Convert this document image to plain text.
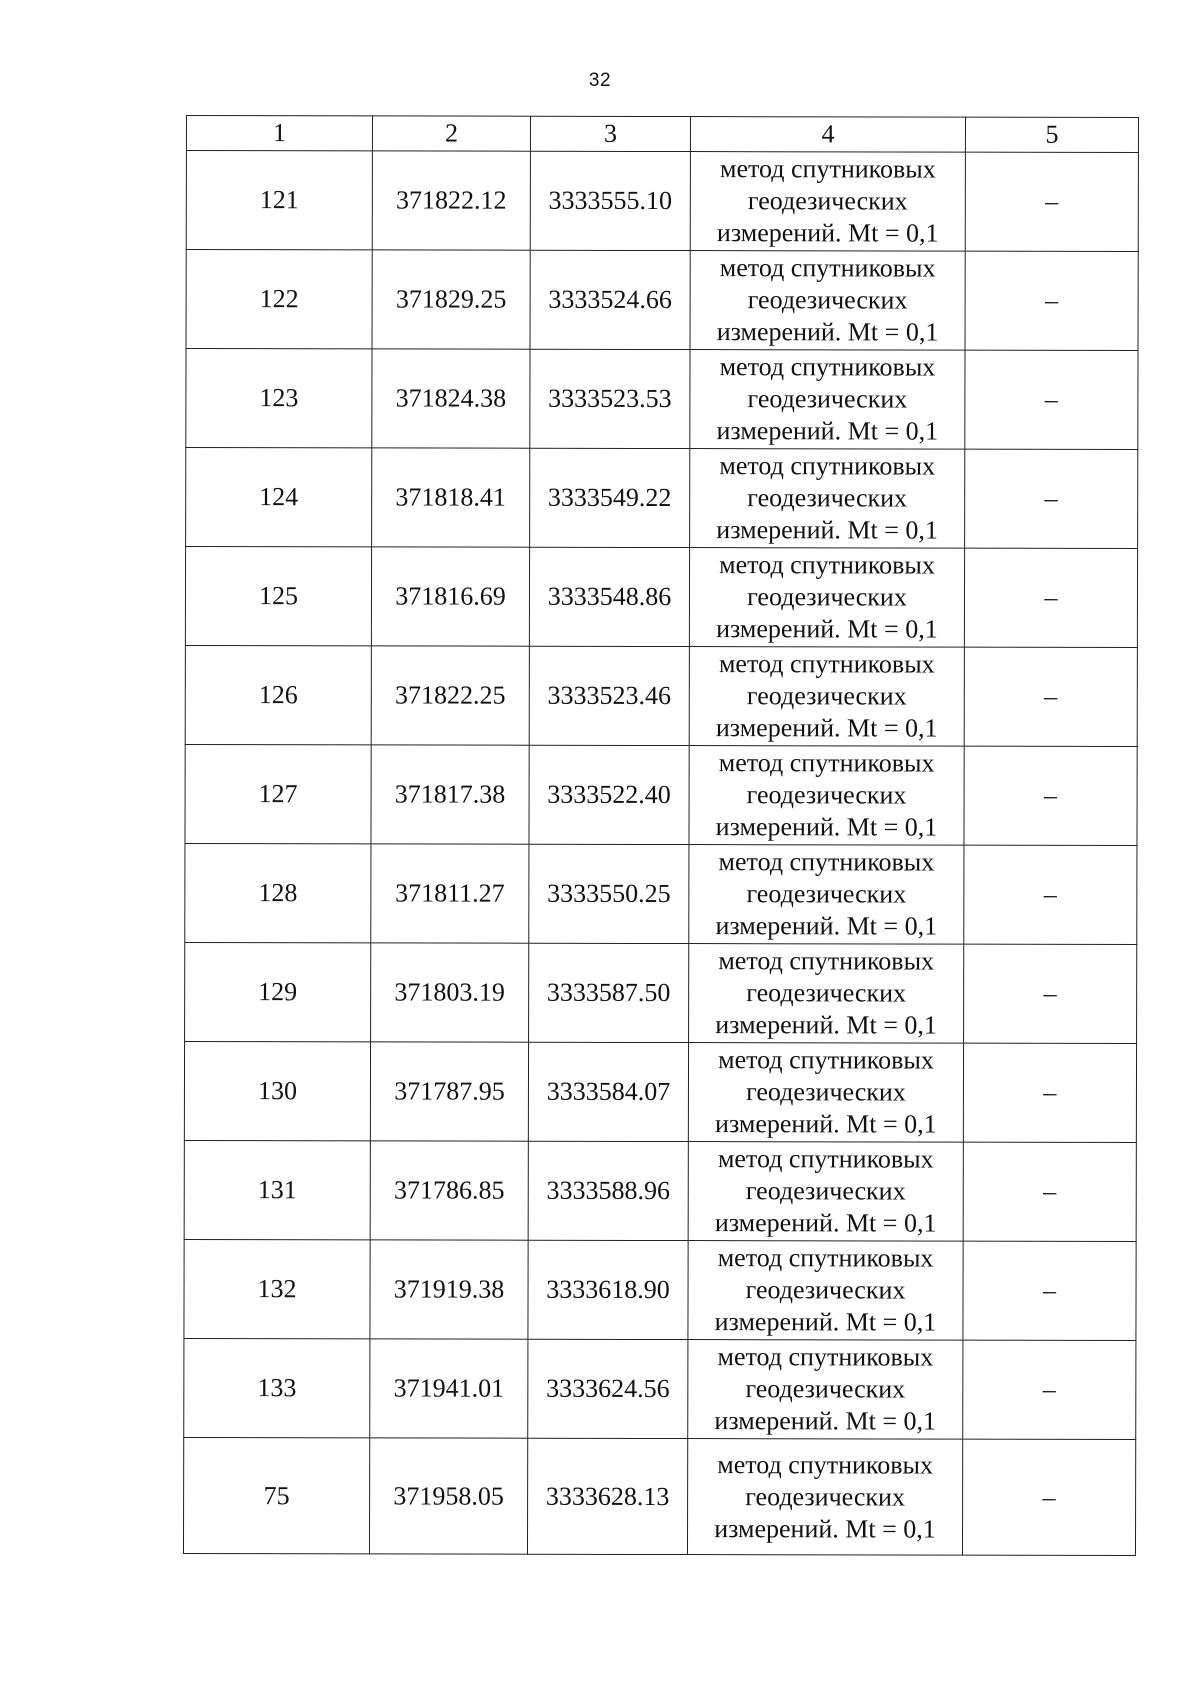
32
1	2	3	4	5
121	371822.12	3333555.10	метод спутниковых
геодезических
измерений. Mt = 0,1	–
122	371829.25	3333524.66	метод спутниковых
геодезических
измерений. Mt = 0,1	–
123	371824.38	3333523.53	метод спутниковых
геодезических
измерений. Mt = 0,1	–
124	371818.41	3333549.22	метод спутниковых
геодезических
измерений. Mt = 0,1	–
125	371816.69	3333548.86	метод спутниковых
геодезических
измерений. Mt = 0,1	–
126	371822.25	3333523.46	метод спутниковых
геодезических
измерений. Mt = 0,1	–
127	371817.38	3333522.40	метод спутниковых
геодезических
измерений. Mt = 0,1	–
128	371811.27	3333550.25	метод спутниковых
геодезических
измерений. Mt = 0,1	–
129	371803.19	3333587.50	метод спутниковых
геодезических
измерений. Mt = 0,1	–
130	371787.95	3333584.07	метод спутниковых
геодезических
измерений. Mt = 0,1	–
131	371786.85	3333588.96	метод спутниковых
геодезических
измерений. Mt = 0,1	–
132	371919.38	3333618.90	метод спутниковых
геодезических
измерений. Mt = 0,1	–
133	371941.01	3333624.56	метод спутниковых
геодезических
измерений. Mt = 0,1	–
75	371958.05	3333628.13	метод спутниковых
геодезических
измерений. Mt = 0,1	–
